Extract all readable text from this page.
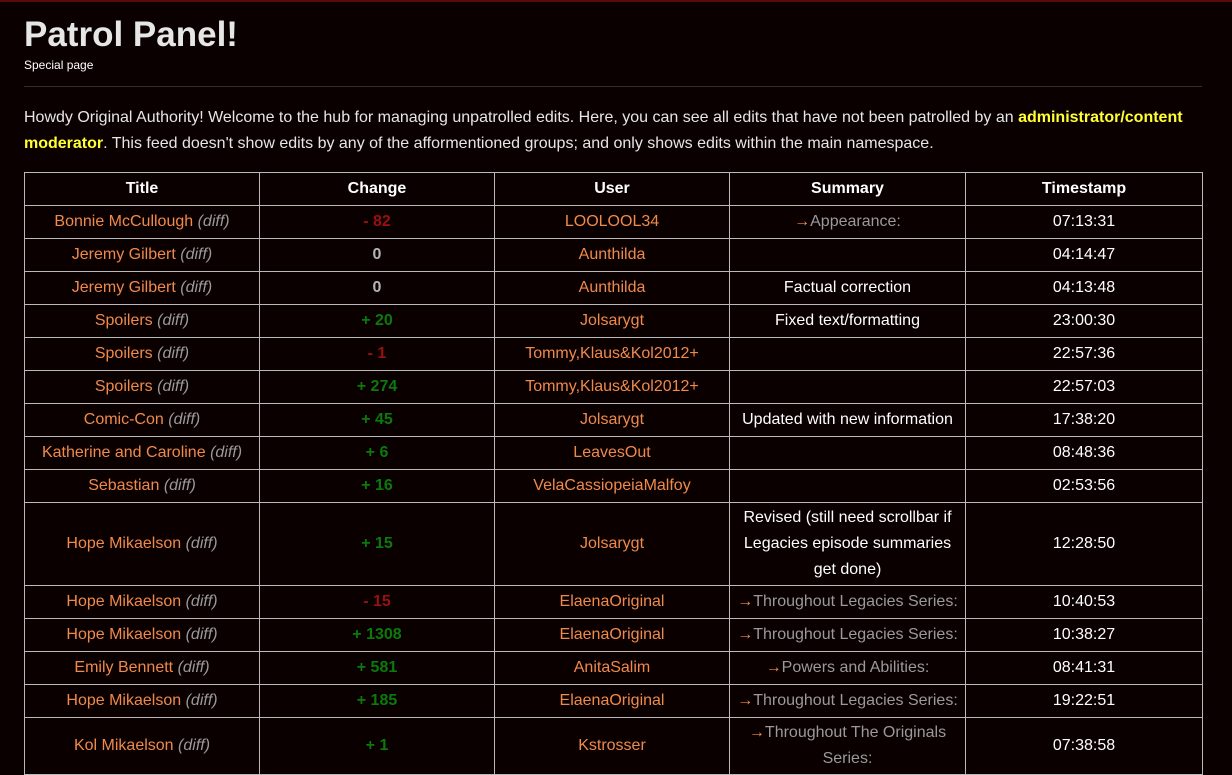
Patrol Panel!
Special page
Howdy Original Authority! Welcome to the hub for managing unpatrolled edits. Here, you can see all edits that have not been patrolled by an administrator/content moderator. This feed doesn't show edits by any of the afformentioned groups; and only shows edits within the main namespace.
Title	Change	User	Summary	Timestamp
Bonnie McCullough (diff)	- 82	LOOLOOL34	→Appearance:	07:13:31
Jeremy Gilbert (diff)	0	Aunthilda		04:14:47
Jeremy Gilbert (diff)	0	Aunthilda	Factual correction	04:13:48
Spoilers (diff)	+ 20	Jolsarygt	Fixed text/formatting	23:00:30
Spoilers (diff)	- 1	Tommy,Klaus&Kol2012+		22:57:36
Spoilers (diff)	+ 274	Tommy,Klaus&Kol2012+		22:57:03
Comic-Con (diff)	+ 45	Jolsarygt	Updated with new information	17:38:20
Katherine and Caroline (diff)	+ 6	LeavesOut		08:48:36
Sebastian (diff)	+ 16	VelaCassiopeiaMalfoy		02:53:56
Hope Mikaelson (diff)	+ 15	Jolsarygt	Revised (still need scrollbar if Legacies episode summaries get done)	12:28:50
Hope Mikaelson (diff)	- 15	ElaenaOriginal	→Throughout Legacies Series:	10:40:53
Hope Mikaelson (diff)	+ 1308	ElaenaOriginal	→Throughout Legacies Series:	10:38:27
Emily Bennett (diff)	+ 581	AnitaSalim	→Powers and Abilities:	08:41:31
Hope Mikaelson (diff)	+ 185	ElaenaOriginal	→Throughout Legacies Series:	19:22:51
Kol Mikaelson (diff)	+ 1	Kstrosser	→Throughout The Originals Series:	07:38:58
